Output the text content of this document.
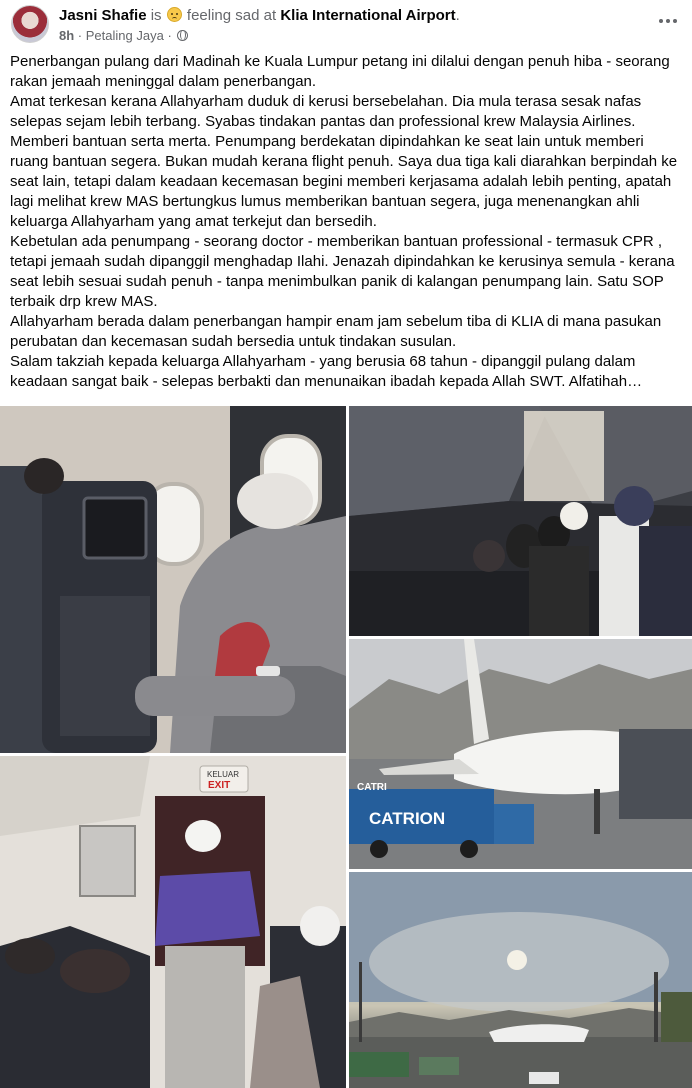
Jasni Shafie is feeling sad at Klia International Airport.
8h · Petaling Jaya ·

Penerbangan pulang dari Madinah ke Kuala Lumpur petang ini dilalui dengan penuh hiba - seorang rakan jemaah meninggal dalam penerbangan.

Amat terkesan kerana Allahyarham duduk di kerusi bersebelahan. Dia mula terasa sesak nafas selepas sejam lebih terbang. Syabas tindakan pantas dan professional krew Malaysia Airlines.

Memberi bantuan serta merta. Penumpang berdekatan dipindahkan ke seat lain untuk memberi ruang bantuan segera. Bukan mudah kerana flight penuh. Saya dua tiga kali diarahkan berpindah ke seat lain, tetapi dalam keadaan kecemasan begini memberi kerjasama adalah lebih penting, apatah lagi melihat krew MAS bertungkus lumus memberikan bantuan segera, juga menenangkan ahli keluarga Allahyarham yang amat terkejut dan bersedih.

Kebetulan ada penumpang - seorang doctor - memberikan bantuan professional - termasuk CPR , tetapi jemaah sudah dipanggil menghadap Ilahi. Jenazah dipindahkan ke kerusinya semula - kerana seat lebih sesuai sudah penuh - tanpa menimbulkan panik di kalangan penumpang lain. Satu SOP terbaik drp krew MAS.

Allahyarham berada dalam penerbangan hampir enam jam sebelum tiba di KLIA di mana pasukan perubatan dan kecemasan sudah bersedia untuk tindakan susulan.

Salam takziah kepada keluarga Allahyarham - yang berusia 68 tahun - dipanggil pulang dalam keadaan sangat baik - selepas berbakti dan menunaikan ibadah kepada Allah SWT. Alfatihah…

CATRION
CATRI
KELUAR
EXIT
